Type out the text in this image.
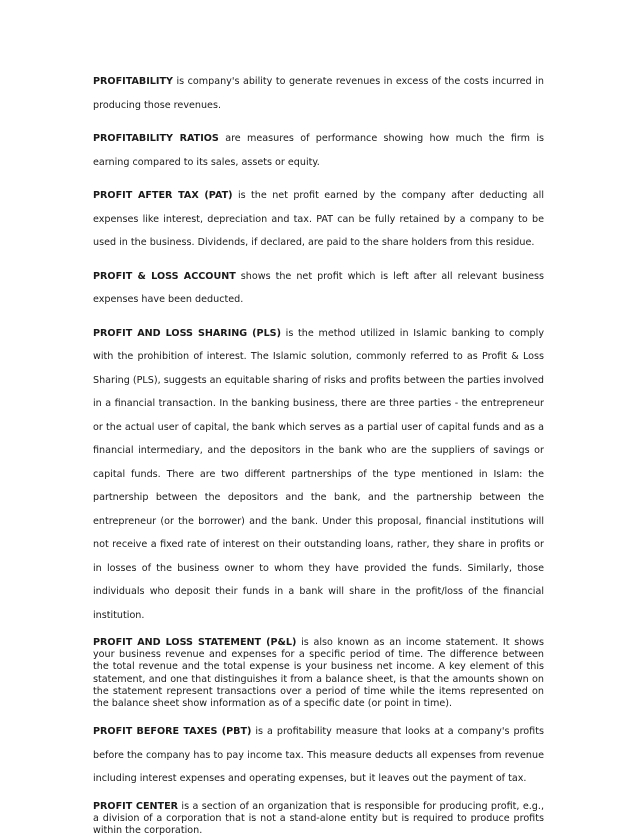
PROFITABILITY is company's ability to generate revenues in excess of the costs incurred in producing those revenues.

PROFITABILITY RATIOS are measures of performance showing how much the firm is earning compared to its sales, assets or equity.

PROFIT AFTER TAX (PAT) is the net profit earned by the company after deducting all expenses like interest, depreciation and tax. PAT can be fully retained by a company to be used in the business. Dividends, if declared, are paid to the share holders from this residue.

PROFIT & LOSS ACCOUNT shows the net profit which is left after all relevant business expenses have been deducted.

PROFIT AND LOSS SHARING (PLS) is the method utilized in Islamic banking to comply with the prohibition of interest. The Islamic solution, commonly referred to as Profit & Loss Sharing (PLS), suggests an equitable sharing of risks and profits between the parties involved in a financial transaction. In the banking business, there are three parties - the entrepreneur or the actual user of capital, the bank which serves as a partial user of capital funds and as a financial intermediary, and the depositors in the bank who are the suppliers of savings or capital funds. There are two different partnerships of the type mentioned in Islam: the partnership between the depositors and the bank, and the partnership between the entrepreneur (or the borrower) and the bank. Under this proposal, financial institutions will not receive a fixed rate of interest on their outstanding loans, rather, they share in profits or in losses of the business owner to whom they have provided the funds. Similarly, those individuals who deposit their funds in a bank will share in the profit/loss of the financial institution.

PROFIT AND LOSS STATEMENT (P&L) is also known as an income statement. It shows your business revenue and expenses for a specific period of time. The difference between the total revenue and the total expense is your business net income. A key element of this statement, and one that distinguishes it from a balance sheet, is that the amounts shown on the statement represent transactions over a period of time while the items represented on the balance sheet show information as of a specific date (or point in time).

PROFIT BEFORE TAXES (PBT) is a profitability measure that looks at a company's profits before the company has to pay income tax. This measure deducts all expenses from revenue including interest expenses and operating expenses, but it leaves out the payment of tax.

PROFIT CENTER is a section of an organization that is responsible for producing profit, e.g., a division of a corporation that is not a stand-alone entity but is required to produce profits within the corporation.
